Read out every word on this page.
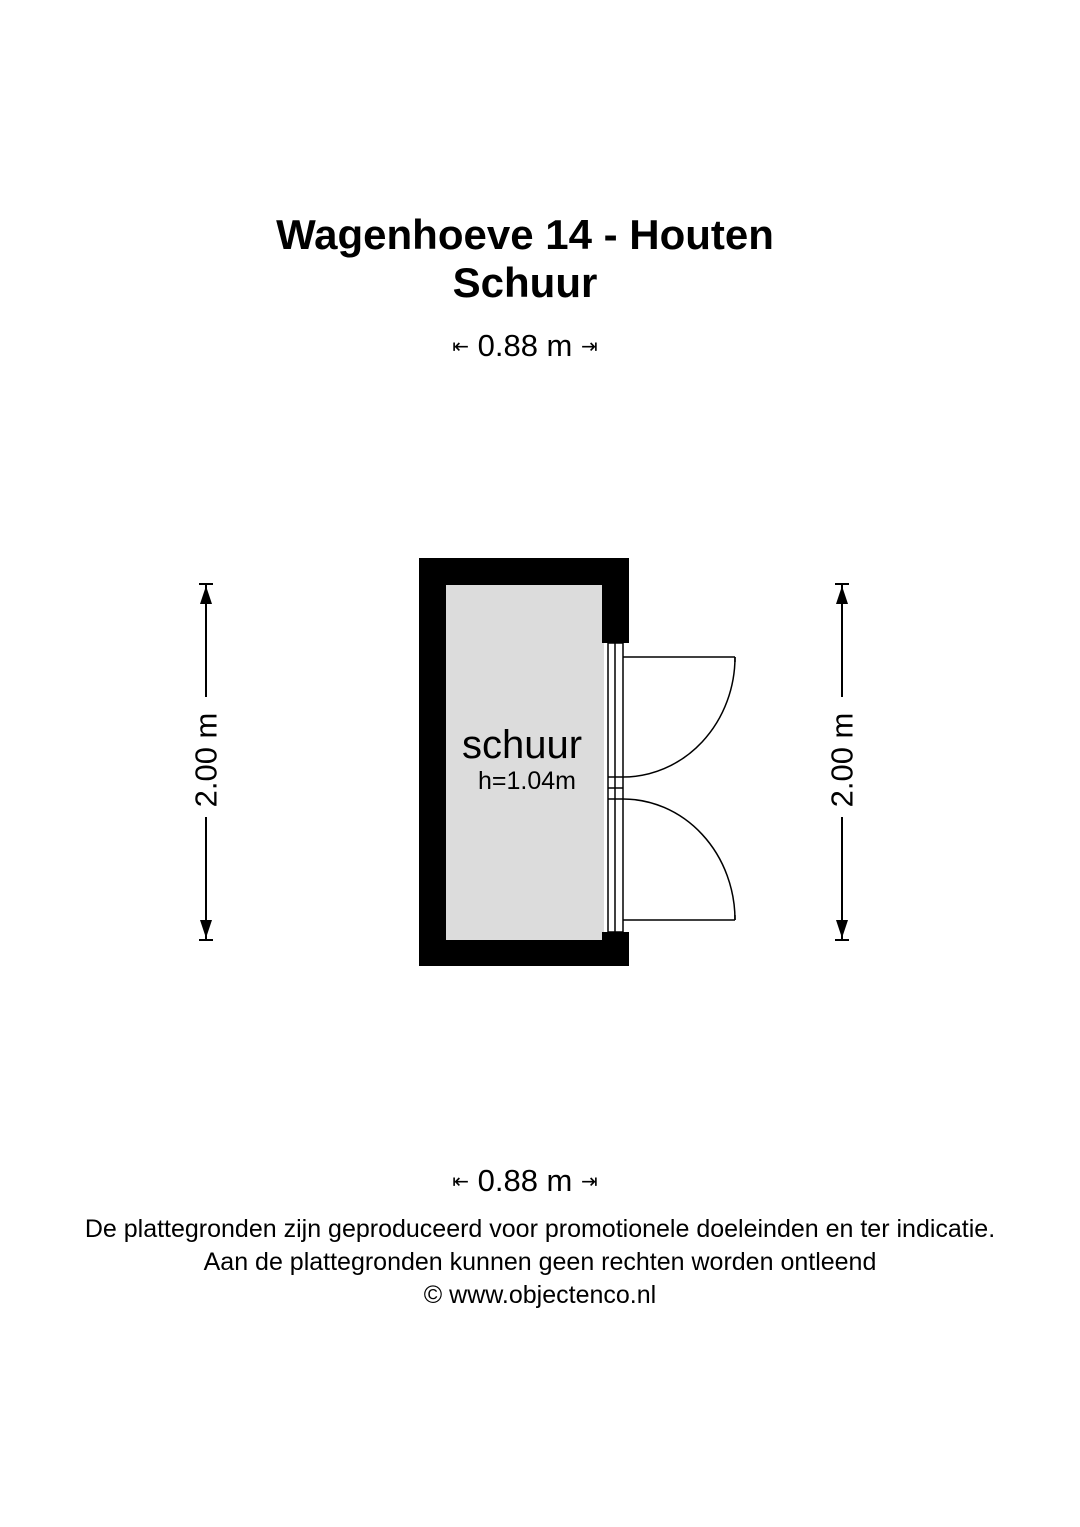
Wagenhoeve 14 - Houten
Schuur
⇤ 0.88 m ⇥
schuur
h=1.04m
2.00 m	2.00 m
⇤ 0.88 m ⇥
De plattegronden zijn geproduceerd voor promotionele doeleinden en ter indicatie.
Aan de plattegronden kunnen geen rechten worden ontleend
© www.objectenco.nl
